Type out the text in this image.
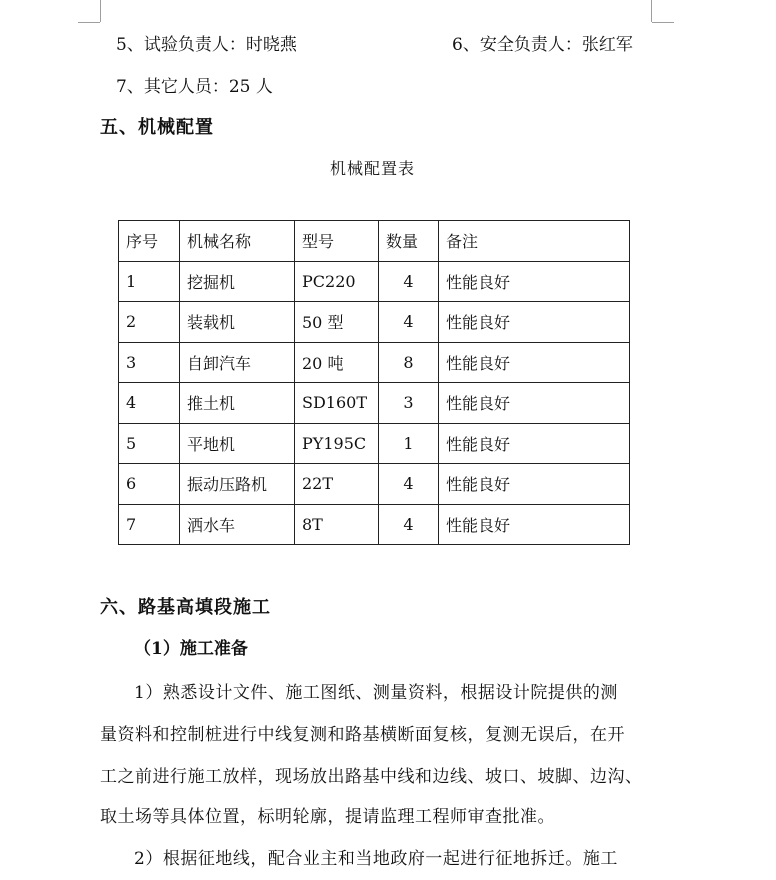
5、试验负责人：时晓燕	6、安全负责人：张红军
7、其它人员：25 人
五、机械配置
机械配置表
序号	机械名称	型号	数量	备注
1	挖掘机	PC220	4	性能良好
2	装载机	50 型	4	性能良好
3	自卸汽车	20 吨	8	性能良好
4	推土机	SD160T	3	性能良好
5	平地机	PY195C	1	性能良好
6	振动压路机	22T	4	性能良好
7	洒水车	8T	4	性能良好
六、路基高填段施工
（1）施工准备
1）熟悉设计文件、施工图纸、测量资料，根据设计院提供的测
量资料和控制桩进行中线复测和路基横断面复核，复测无误后，在开
工之前进行施工放样，现场放出路基中线和边线、坡口、坡脚、边沟、
取土场等具体位置，标明轮廓，提请监理工程师审查批准。
2）根据征地线，配合业主和当地政府一起进行征地拆迁。施工
